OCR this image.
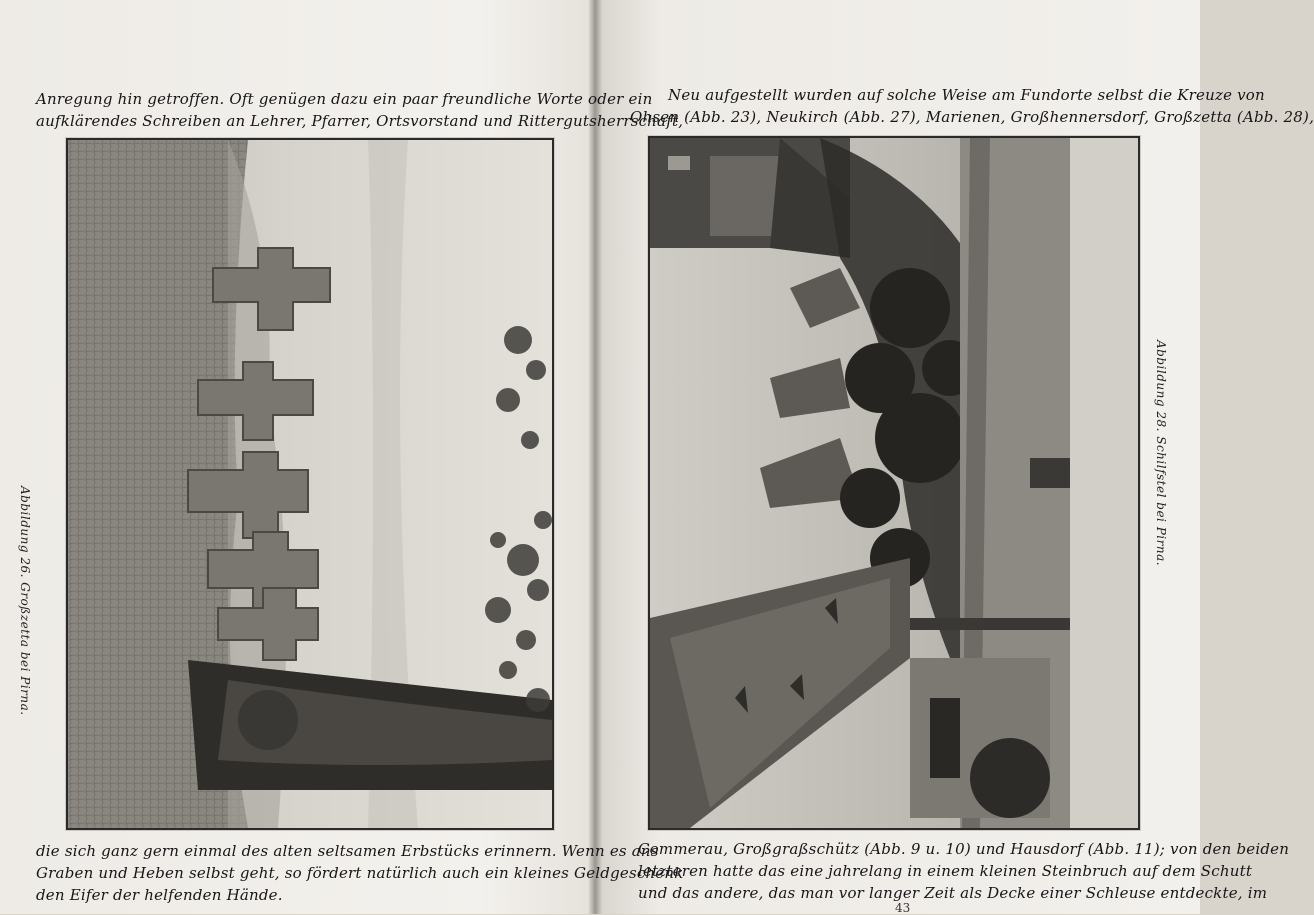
Anregung hin getroffen. Oft genügen dazu ein paar freundliche Worte oder ein
aufklärendes Schreiben an Lehrer, Pfarrer, Ortsvorstand und Rittergutsherrschaft,
Abbildung 26. Großzetta bei Pirna.
die sich ganz gern einmal des alten seltsamen Erbstücks erinnern. Wenn es ans
Graben und Heben selbst geht, so fördert natürlich auch ein kleines Geldgeschenk
den Eifer der helfenden Hände.
Neu aufgestellt wurden auf solche Weise am Fundorte selbst die Kreuze von
Ohsen (Abb. 23), Neukirch (Abb. 27), Marienen, Großhennersdorf, Großzetta (Abb. 28),
Abbildung 28. Schilfstel bei Pirna.
Commerau, Großgraßschütz (Abb. 9 u. 10) und Hausdorf (Abb. 11); von den beiden
letzteren hatte das eine jahrelang in einem kleinen Steinbruch auf dem Schutt
und das andere, das man vor langer Zeit als Decke einer Schleuse entdeckte, im
43
